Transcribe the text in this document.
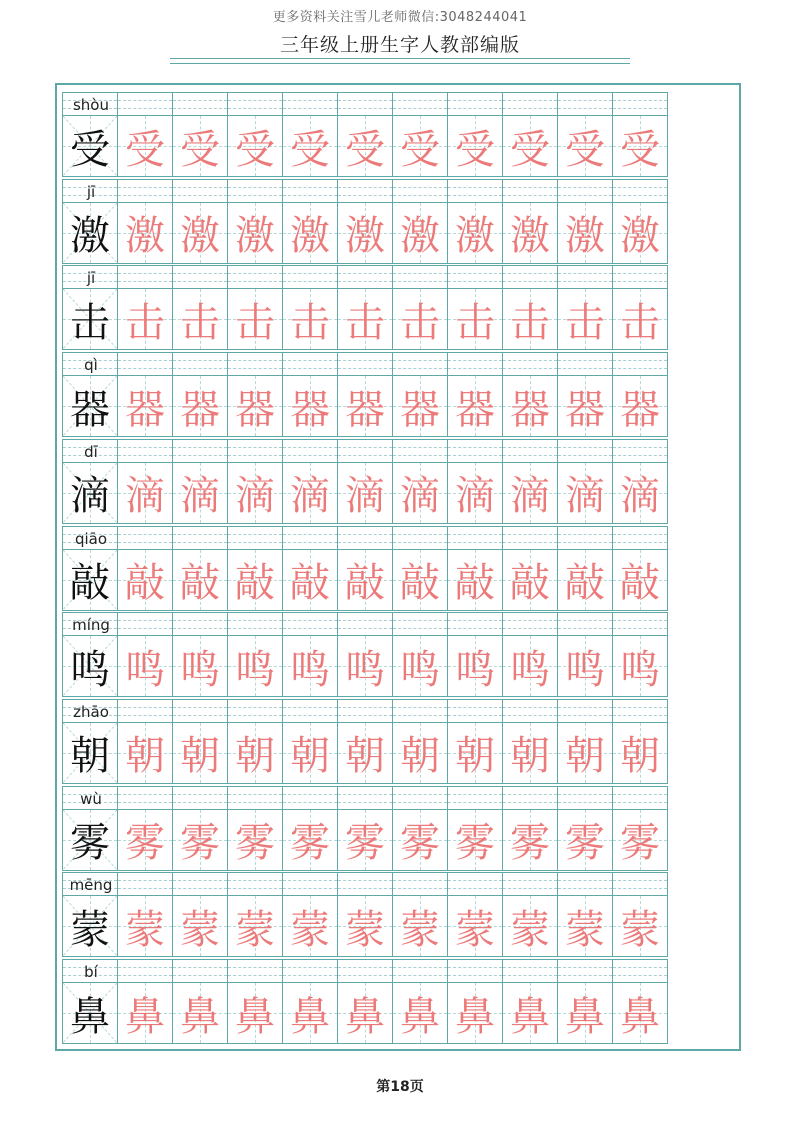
更多资料关注雪儿老师微信:3048244041
三年级上册生字人教部编版
shòu
受 受 受 受 受 受 受 受 受 受 受
jī
激 激 激 激 激 激 激 激 激 激 激
jī
击 击 击 击 击 击 击 击 击 击 击
qì
器 器 器 器 器 器 器 器 器 器 器
dī
滴 滴 滴 滴 滴 滴 滴 滴 滴 滴 滴
qiāo
敲 敲 敲 敲 敲 敲 敲 敲 敲 敲 敲
míng
鸣 鸣 鸣 鸣 鸣 鸣 鸣 鸣 鸣 鸣 鸣
zhāo
朝 朝 朝 朝 朝 朝 朝 朝 朝 朝 朝
wù
雾 雾 雾 雾 雾 雾 雾 雾 雾 雾 雾
mēng
蒙 蒙 蒙 蒙 蒙 蒙 蒙 蒙 蒙 蒙 蒙
bí
鼻 鼻 鼻 鼻 鼻 鼻 鼻 鼻 鼻 鼻 鼻
第18页
